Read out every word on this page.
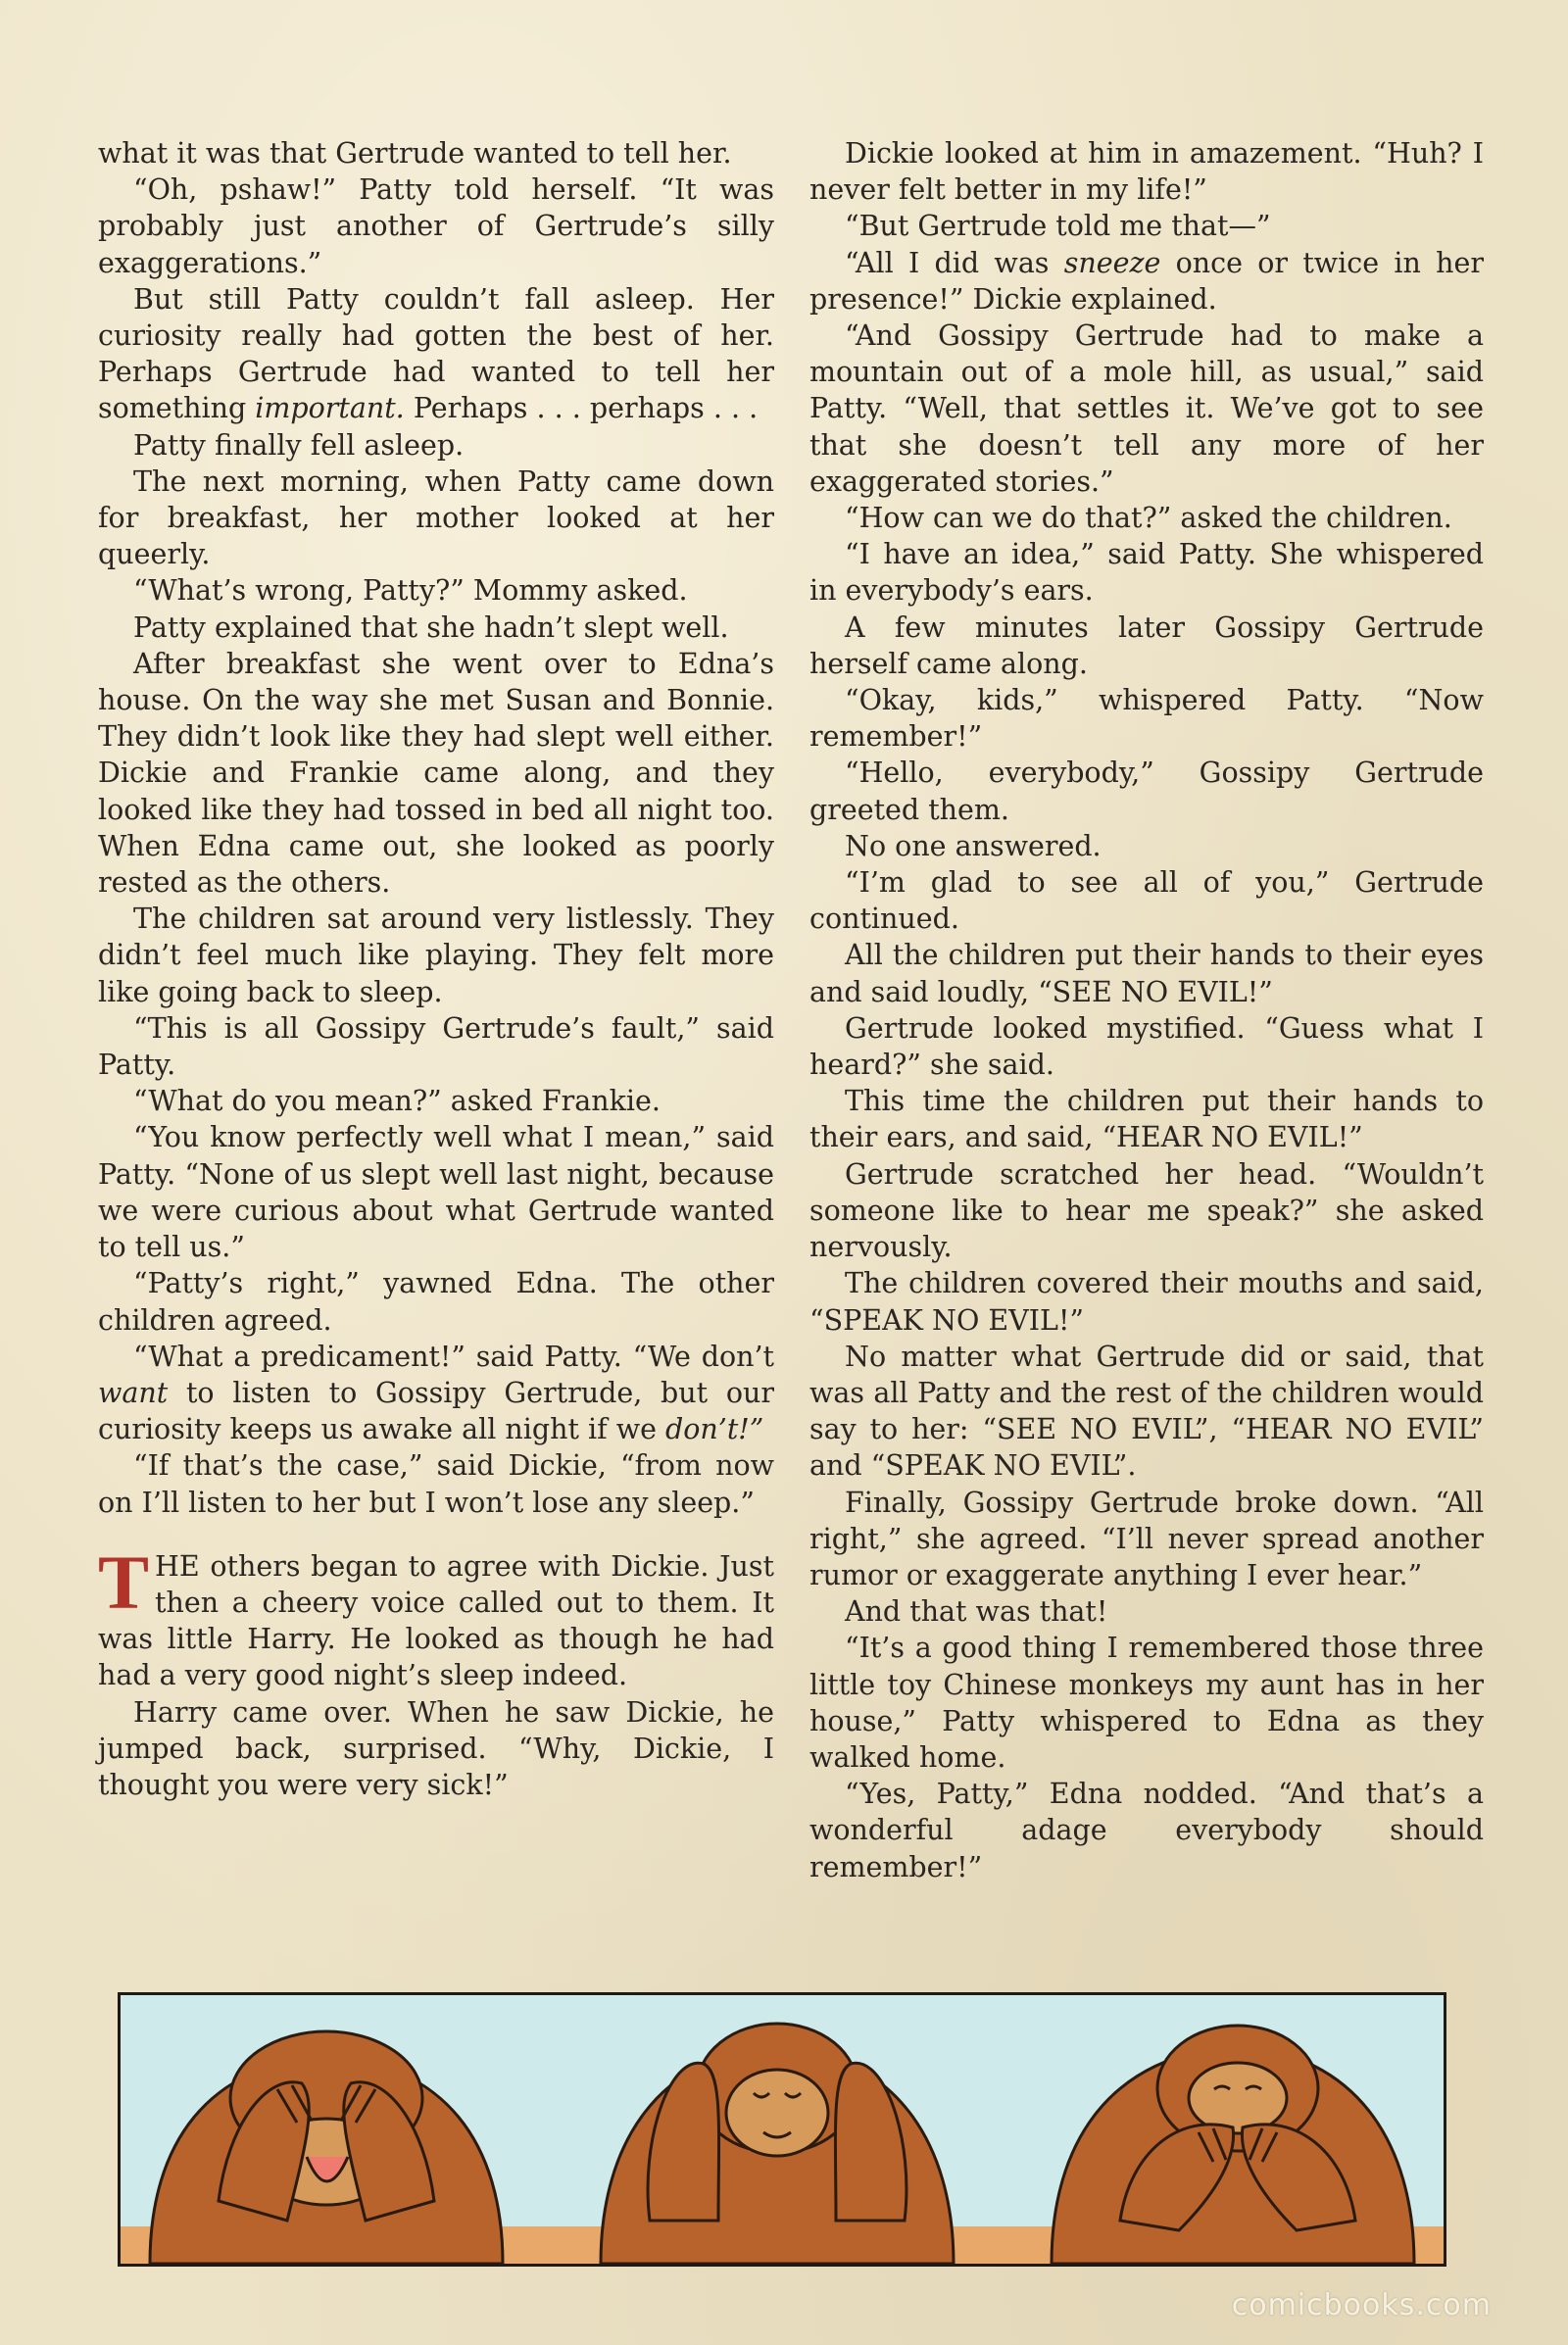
what it was that Gertrude wanted to tell her.

“Oh, pshaw!” Patty told herself. “It was probably just another of Gertrude’s silly exaggerations.”

But still Patty couldn’t fall asleep. Her curiosity really had gotten the best of her. Perhaps Gertrude had wanted to tell her something important. Perhaps . . . perhaps . . .

Patty finally fell asleep.

The next morning, when Patty came down for breakfast, her mother looked at her queerly.

“What’s wrong, Patty?” Mommy asked.

Patty explained that she hadn’t slept well.

After breakfast she went over to Edna’s house. On the way she met Susan and Bonnie. They didn’t look like they had slept well either. Dickie and Frankie came along, and they looked like they had tossed in bed all night too. When Edna came out, she looked as poorly rested as the others.

The children sat around very listlessly. They didn’t feel much like playing. They felt more like going back to sleep.

“This is all Gossipy Gertrude’s fault,” said Patty.

“What do you mean?” asked Frankie.

“You know perfectly well what I mean,” said Patty. “None of us slept well last night, because we were curious about what Gertrude wanted to tell us.”

“Patty’s right,” yawned Edna. The other children agreed.

“What a predicament!” said Patty. “We don’t want to listen to Gossipy Gertrude, but our curiosity keeps us awake all night if we don’t!”

“If that’s the case,” said Dickie, “from now on I’ll listen to her but I won’t lose any sleep.”

THE others began to agree with Dickie. Just then a cheery voice called out to them. It was little Harry. He looked as though he had had a very good night’s sleep indeed.

Harry came over. When he saw Dickie, he jumped back, surprised. “Why, Dickie, I thought you were very sick!”

Dickie looked at him in amazement. “Huh? I never felt better in my life!”

“But Gertrude told me that—”

“All I did was sneeze once or twice in her presence!” Dickie explained.

“And Gossipy Gertrude had to make a mountain out of a mole hill, as usual,” said Patty. “Well, that settles it. We’ve got to see that she doesn’t tell any more of her exaggerated stories.”

“How can we do that?” asked the children.

“I have an idea,” said Patty. She whispered in everybody’s ears.

A few minutes later Gossipy Gertrude herself came along.

“Okay, kids,” whispered Patty. “Now remember!”

“Hello, everybody,” Gossipy Gertrude greeted them.

No one answered.

“I’m glad to see all of you,” Gertrude continued.

All the children put their hands to their eyes and said loudly, “SEE NO EVIL!”

Gertrude looked mystified. “Guess what I heard?” she said.

This time the children put their hands to their ears, and said, “HEAR NO EVIL!”

Gertrude scratched her head. “Wouldn’t someone like to hear me speak?” she asked nervously.

The children covered their mouths and said, “SPEAK NO EVIL!”

No matter what Gertrude did or said, that was all Patty and the rest of the children would say to her: “SEE NO EVIL”, “HEAR NO EVIL” and “SPEAK NO EVIL”.

Finally, Gossipy Gertrude broke down. “All right,” she agreed. “I’ll never spread another rumor or exaggerate anything I ever hear.”

And that was that!

“It’s a good thing I remembered those three little toy Chinese monkeys my aunt has in her house,” Patty whispered to Edna as they walked home.

“Yes, Patty,” Edna nodded. “And that’s a wonderful adage everybody should remember!”

comicbooks.com
